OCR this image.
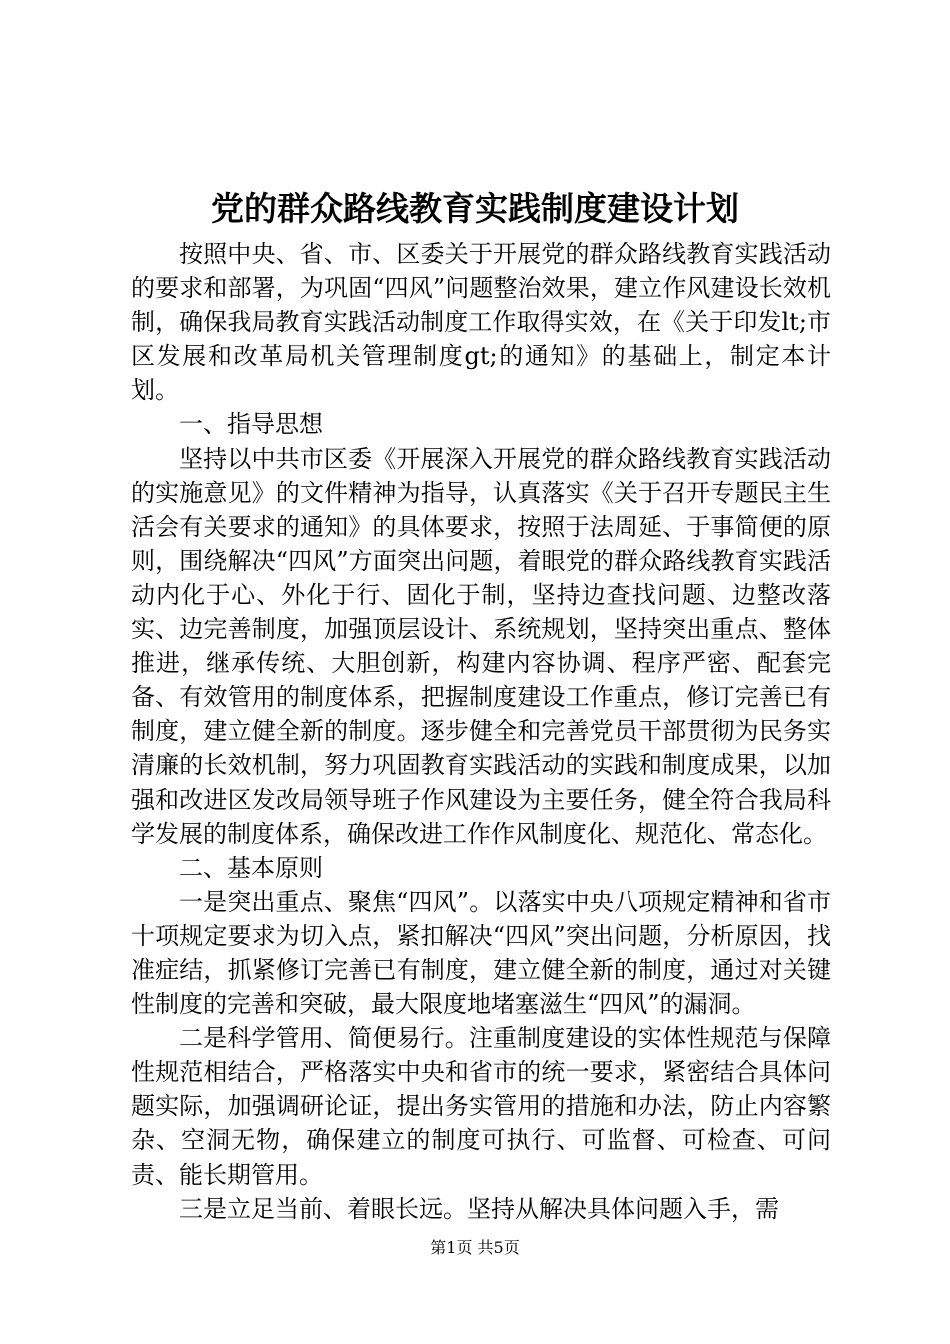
党的群众路线教育实践制度建设计划

按照中央、省、市、区委关于开展党的群众路线教育实践活动的要求和部署，为巩固“四风”问题整治效果，建立作风建设长效机制，确保我局教育实践活动制度工作取得实效，在《关于印发lt;市区发展和改革局机关管理制度gt;的通知》的基础上，制定本计划。

一、指导思想

坚持以中共市区委《开展深入开展党的群众路线教育实践活动的实施意见》的文件精神为指导，认真落实《关于召开专题民主生活会有关要求的通知》的具体要求，按照于法周延、于事简便的原则，围绕解决“四风”方面突出问题，着眼党的群众路线教育实践活动内化于心、外化于行、固化于制，坚持边查找问题、边整改落实、边完善制度，加强顶层设计、系统规划，坚持突出重点、整体推进，继承传统、大胆创新，构建内容协调、程序严密、配套完备、有效管用的制度体系，把握制度建设工作重点，修订完善已有制度，建立健全新的制度。逐步健全和完善党员干部贯彻为民务实清廉的长效机制，努力巩固教育实践活动的实践和制度成果，以加强和改进区发改局领导班子作风建设为主要任务，健全符合我局科学发展的制度体系，确保改进工作作风制度化、规范化、常态化。

二、基本原则

一是突出重点、聚焦“四风”。以落实中央八项规定精神和省市十项规定要求为切入点，紧扣解决“四风”突出问题，分析原因，找准症结，抓紧修订完善已有制度，建立健全新的制度，通过对关键性制度的完善和突破，最大限度地堵塞滋生“四风”的漏洞。

二是科学管用、简便易行。注重制度建设的实体性规范与保障性规范相结合，严格落实中央和省市的统一要求，紧密结合具体问题实际，加强调研论证，提出务实管用的措施和办法，防止内容繁杂、空洞无物，确保建立的制度可执行、可监督、可检查、可问责、能长期管用。

三是立足当前、着眼长远。坚持从解决具体问题入手，需

第1页 共5页
